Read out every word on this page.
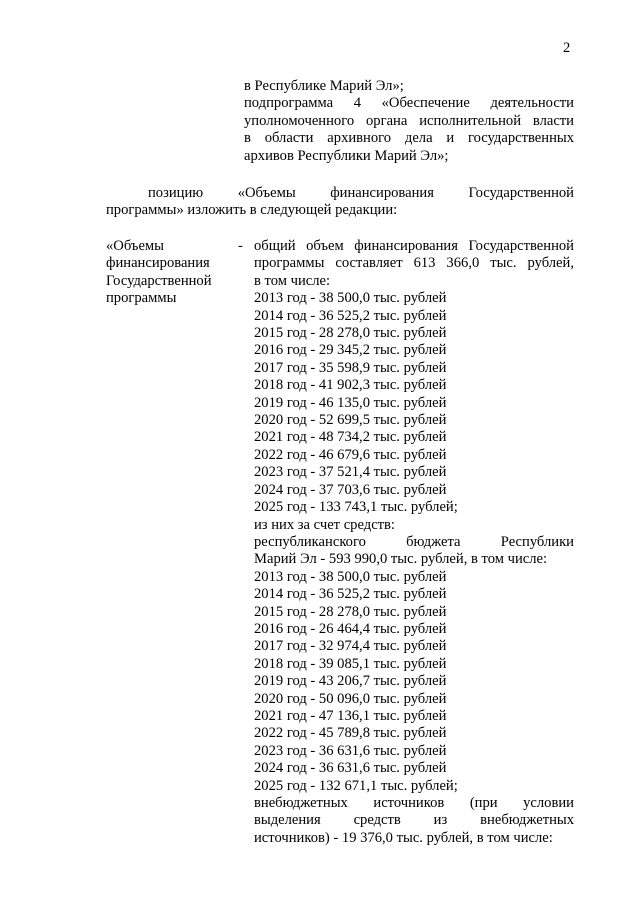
2
в Республике Марий Эл»;
подпрограмма 4 «Обеспечение деятельности
уполномоченного органа исполнительной власти
в области архивного дела и государственных
архивов Республики Марий Эл»;
позицию «Объемы финансирования Государственной
программы» изложить в следующей редакции:
«Объемы
финансирования
Государственной
программы
- общий объем финансирования Государственной
программы составляет 613 366,0 тыс. рублей,
в том числе:
2013 год - 38 500,0 тыс. рублей
2014 год - 36 525,2 тыс. рублей
2015 год - 28 278,0 тыс. рублей
2016 год - 29 345,2 тыс. рублей
2017 год - 35 598,9 тыс. рублей
2018 год - 41 902,3 тыс. рублей
2019 год - 46 135,0 тыс. рублей
2020 год - 52 699,5 тыс. рублей
2021 год - 48 734,2 тыс. рублей
2022 год - 46 679,6 тыс. рублей
2023 год - 37 521,4 тыс. рублей
2024 год - 37 703,6 тыс. рублей
2025 год - 133 743,1 тыс. рублей;
из них за счет средств:
республиканского бюджета Республики
Марий Эл - 593 990,0 тыс. рублей, в том числе:
2013 год - 38 500,0 тыс. рублей
2014 год - 36 525,2 тыс. рублей
2015 год - 28 278,0 тыс. рублей
2016 год - 26 464,4 тыс. рублей
2017 год - 32 974,4 тыс. рублей
2018 год - 39 085,1 тыс. рублей
2019 год - 43 206,7 тыс. рублей
2020 год - 50 096,0 тыс. рублей
2021 год - 47 136,1 тыс. рублей
2022 год - 45 789,8 тыс. рублей
2023 год - 36 631,6 тыс. рублей
2024 год - 36 631,6 тыс. рублей
2025 год - 132 671,1 тыс. рублей;
внебюджетных источников (при условии
выделения средств из внебюджетных
источников) - 19 376,0 тыс. рублей, в том числе:
